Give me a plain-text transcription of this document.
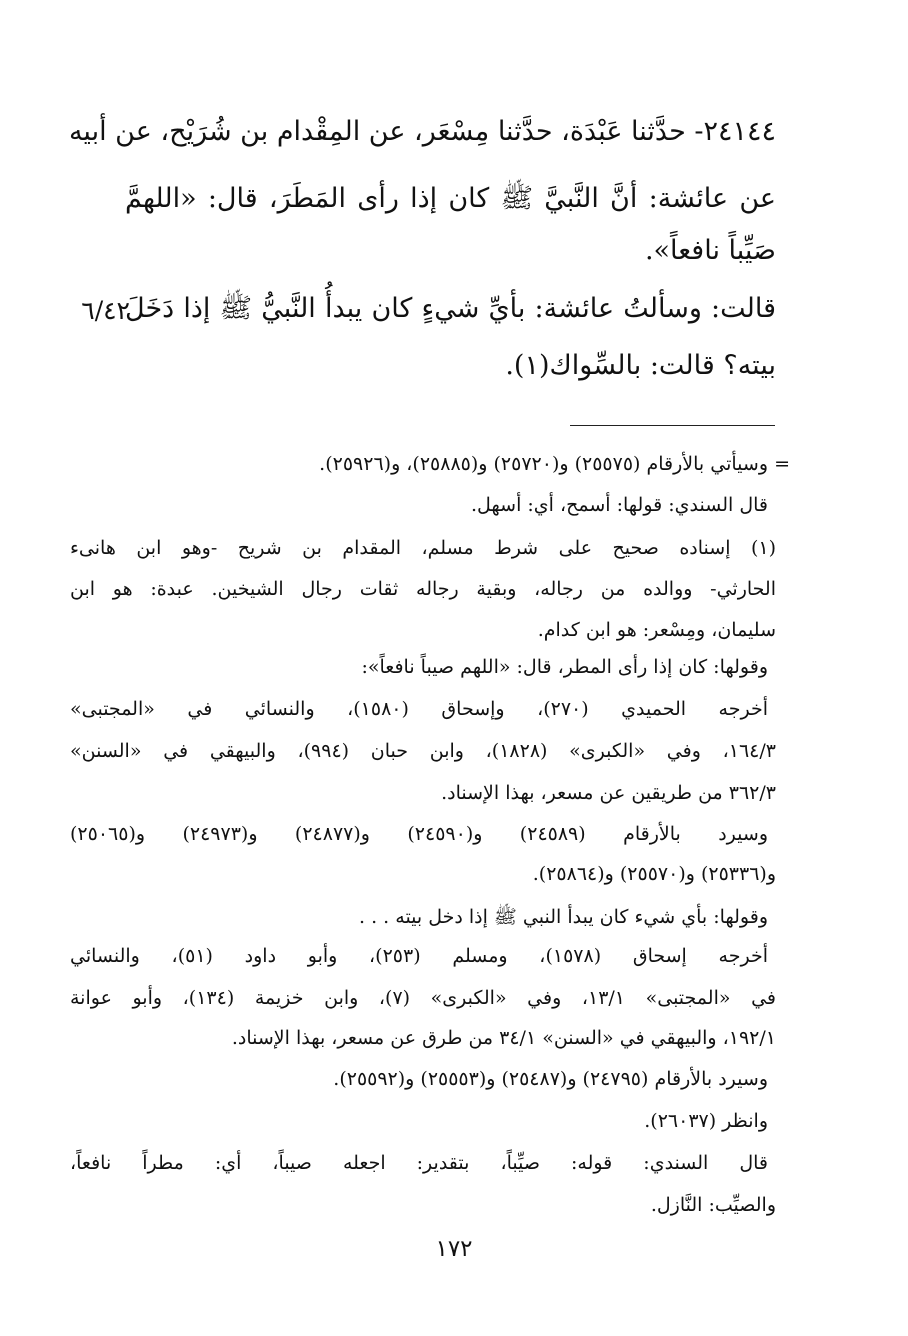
٢٤١٤٤- حدَّثنا عَبْدَة، حدَّثنا مِسْعَر، عن المِقْدام بن شُرَيْح، عن أبيه
عن عائشة: أنَّ النَّبيَّ ﷺ كان إذا رأى المَطَرَ، قال: «اللهمَّ
صَيِّباً نافعاً».
قالت: وسألتُ عائشة: بأيِّ شيءٍ كان يبدأُ النَّبيُّ ﷺ إذا دَخَلَ
بيته؟ قالت: بالسِّواك(١).
٦/٤٢
=
وسيأتي بالأرقام (٢٥٥٧٥) و(٢٥٧٢٠) و(٢٥٨٨٥)، و(٢٥٩٢٦).
قال السندي: قولها: أسمح، أي: أسهل.
(١) إسناده صحيح على شرط مسلم، المقدام بن شريح -وهو ابن هانىء
الحارثي- ووالده من رجاله، وبقية رجاله ثقات رجال الشيخين. عبدة: هو ابن
سليمان، ومِسْعر: هو ابن كدام.
وقولها: كان إذا رأى المطر، قال: «اللهم صيباً نافعاً»:
أخرجه الحميدي (٢٧٠)، وإسحاق (١٥٨٠)، والنسائي في «المجتبى»
١٦٤/٣، وفي «الكبرى» (١٨٢٨)، وابن حبان (٩٩٤)، والبيهقي في «السنن»
٣٦٢/٣ من طريقين عن مسعر، بهذا الإسناد.
وسيرد بالأرقام (٢٤٥٨٩) و(٢٤٥٩٠) و(٢٤٨٧٧) و(٢٤٩٧٣) و(٢٥٠٦٥)
و(٢٥٣٣٦) و(٢٥٥٧٠) و(٢٥٨٦٤).
وقولها: بأي شيء كان يبدأ النبي ﷺ إذا دخل بيته . . .
أخرجه إسحاق (١٥٧٨)، ومسلم (٢٥٣)، وأبو داود (٥١)، والنسائي
في «المجتبى» ١٣/١، وفي «الكبرى» (٧)، وابن خزيمة (١٣٤)، وأبو عوانة
١٩٢/١، والبيهقي في «السنن» ٣٤/١ من طرق عن مسعر، بهذا الإسناد.
وسيرد بالأرقام (٢٤٧٩٥) و(٢٥٤٨٧) و(٢٥٥٥٣) و(٢٥٥٩٢).
وانظر (٢٦٠٣٧).
قال السندي: قوله: صيِّباً، بتقدير: اجعله صيباً، أي: مطراً نافعاً،
والصيِّب: النَّازل.
١٧٢
